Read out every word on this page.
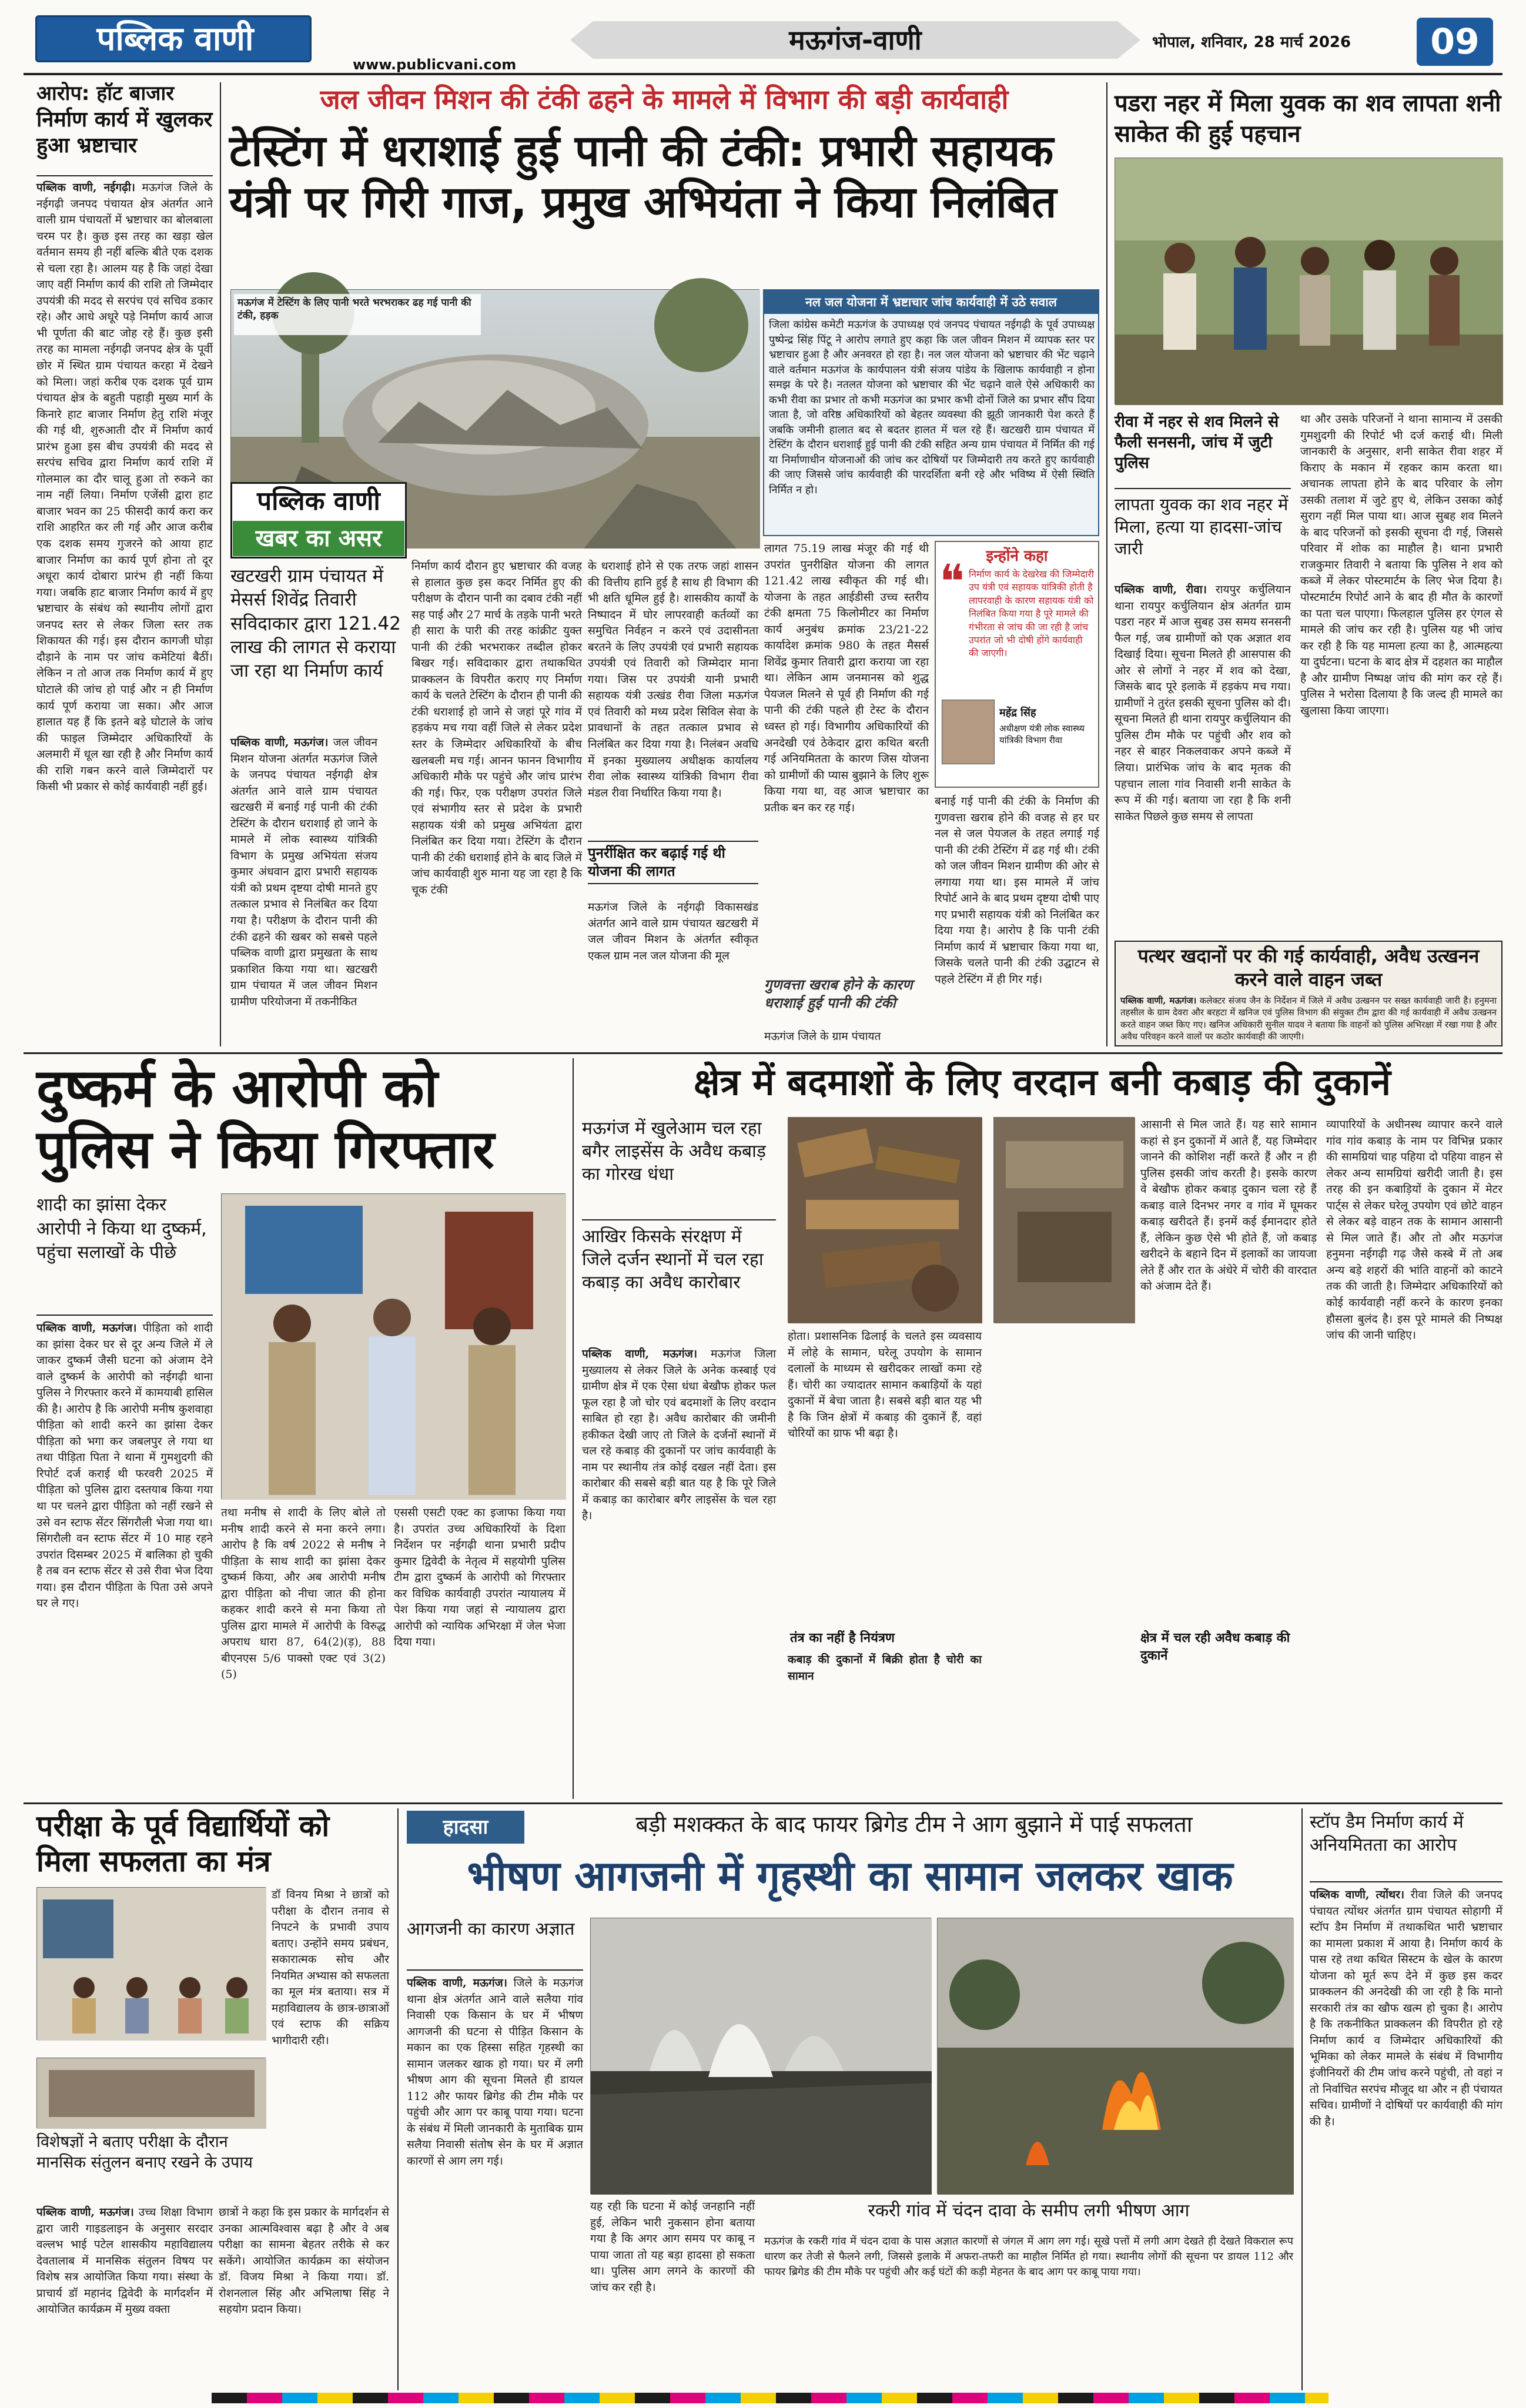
पब्लिक वाणी
www.publicvani.com
मऊगंज-वाणी	भोपाल, शनिवार, 28 मार्च 2026	09
आरोप: हॉट बाजार
निर्माण कार्य में खुलकर हुआ भ्रष्टाचार
पब्लिक वाणी, नईगढ़ी। मऊगंज जिले के नईगढ़ी जनपद पंचायत क्षेत्र अंतर्गत आने वाली ग्राम पंचायतों में भ्रष्टाचार का बोलबाला चरम पर है। कुछ इस तरह का खड़ा खेल वर्तमान समय ही नहीं बल्कि बीते एक दशक से चला रहा है। आलम यह है कि जहां देखा जाए वहीं निर्माण कार्य की राशि तो जिम्मेदार उपयंत्री की मदद से सरपंच एवं सचिव डकार रहे। और आधे अधूरे पड़े निर्माण कार्य आज भी पूर्णता की बाट जोह रहे हैं। कुछ इसी तरह का मामला नईगढ़ी जनपद क्षेत्र के पूर्वी छोर में स्थित ग्राम पंचायत करहा में देखने को मिला। जहां करीब एक दशक पूर्व ग्राम पंचायत क्षेत्र के बहुती पहाड़ी मुख्य मार्ग के किनारे हाट बाजार निर्माण हेतु राशि मंजूर की गई थी, शुरुआती दौर में निर्माण कार्य प्रारंभ हुआ इस बीच उपयंत्री की मदद से सरपंच सचिव द्वारा निर्माण कार्य राशि में गोलमाल का दौर चालू हुआ तो रुकने का नाम नहीं लिया। निर्माण एजेंसी द्वारा हाट बाजार भवन का 25 फीसदी कार्य करा कर राशि आहरित कर ली गई और आज करीब एक दशक समय गुजरने को आया हाट बाजार निर्माण का कार्य पूर्ण होना तो दूर अधूरा कार्य दोबारा प्रारंभ ही नहीं किया गया। जबकि हाट बाजार निर्माण कार्य में हुए भ्रष्टाचार के संबंध को स्थानीय लोगों द्वारा जनपद स्तर से लेकर जिला स्तर तक शिकायत की गई। इस दौरान कागजी घोड़ा दौड़ाने के नाम पर जांच कमेटियां बैठीं। लेकिन न तो आज तक निर्माण कार्य में हुए घोटाले की जांच हो पाई और न ही निर्माण कार्य पूर्ण कराया जा सका। और आज हालात यह हैं कि इतने बड़े घोटाले के जांच की फाइल जिम्मेदार अधिकारियों के अलमारी में धूल खा रही है और निर्माण कार्य की राशि गबन करने वाले जिम्मेदारों पर किसी भी प्रकार से कोई कार्यवाही नहीं हुई।
जल जीवन मिशन की टंकी ढहने के मामले में विभाग की बड़ी कार्यवाही
टेस्टिंग में धराशाई हुई पानी की टंकी: प्रभारी सहायक यंत्री पर गिरी गाज, प्रमुख अभियंता ने किया निलंबित
मऊगंज में टेस्टिंग के लिए पानी भरते भरभराकर ढह गई पानी की टंकी, हड़क
पब्लिक वाणी
खबर का असर
खटखरी ग्राम पंचायत में मेसर्स शिवेंद्र तिवारी सविदाकार द्वारा 121.42 लाख की लागत से कराया जा रहा था निर्माण कार्य
नल जल योजना में भ्रष्टाचार जांच कार्यवाही में उठे सवाल
जिला कांग्रेस कमेटी मऊगंज के उपाध्यक्ष एवं जनपद पंचायत नईगढ़ी के पूर्व उपाध्यक्ष पुष्पेन्द्र सिंह पिंटू ने आरोप लगाते हुए कहा कि जल जीवन मिशन में व्यापक स्तर पर भ्रष्टाचार हुआ है और अनवरत हो रहा है। नल जल योजना को भ्रष्टाचार की भेंट चढ़ाने वाले वर्तमान मऊगंज के कार्यपालन यंत्री संजय पांडेय के खिलाफ कार्यवाही न होना समझ के परे है। नतलत योजना को भ्रष्टाचार की भेंट चढ़ाने वाले ऐसे अधिकारी का कभी रीवा का प्रभार तो कभी मऊगंज का प्रभार कभी दोनों जिले का प्रभार सौंप दिया जाता है, जो वरिष्ठ अधिकारियों को बेहतर व्यवस्था की झूठी जानकारी पेश करते हैं जबकि जमीनी हालात बद से बदतर हालत में चल रहे हैं। खटखरी ग्राम पंचायत में टेस्टिंग के दौरान धराशाई हुई पानी की टंकी सहित अन्य ग्राम पंचायत में निर्मित की गई या निर्माणाधीन योजनाओं की जांच कर दोषियों पर जिम्मेदारी तय करते हुए कार्यवाही की जाए जिससे जांच कार्यवाही की पारदर्शिता बनी रहे और भविष्य में ऐसी स्थिति निर्मित न हो।
पब्लिक वाणी, मऊगंज। जल जीवन मिशन योजना अंतर्गत मऊगंज जिले के जनपद पंचायत नईगढ़ी क्षेत्र अंतर्गत आने वाले ग्राम पंचायत खटखरी में बनाई गई पानी की टंकी टेस्टिंग के दौरान धराशाई हो जाने के मामले में लोक स्वास्थ्य यांत्रिकी विभाग के प्रमुख अभियंता संजय कुमार अंधवान द्वारा प्रभारी सहायक यंत्री को प्रथम दृष्टया दोषी मानते हुए तत्काल प्रभाव से निलंबित कर दिया गया है। परीक्षण के दौरान पानी की टंकी ढहने की खबर को सबसे पहले पब्लिक वाणी द्वारा प्रमुखता के साथ प्रकाशित किया गया था। खटखरी ग्राम पंचायत में जल जीवन मिशन ग्रामीण परियोजना में तकनीकित
निर्माण कार्य दौरान हुए भ्रष्टाचार की वजह से हालात कुछ इस कदर निर्मित हुए की परीक्षण के दौरान पानी का दबाव टंकी नहीं सह पाई और 27 मार्च के तड़के पानी भरते ही सारा के पारी की तरह कांक्रीट युक्त पानी की टंकी भरभराकर तब्दील होकर बिखर गई। सविदाकार द्वारा तथाकथित प्राक्कलन के विपरीत कराए गए निर्माण कार्य के चलते टेस्टिंग के दौरान ही पानी की टंकी धराशाई हो जाने से जहां पूरे गांव में हड़कंप मच गया वहीं जिले से लेकर प्रदेश स्तर के जिम्मेदार अधिकारियों के बीच खलबली मच गई। आनन फानन विभागीय अधिकारी मौके पर पहुंचे और जांच प्रारंभ की गई। फिर, एक परीक्षण उपरांत जिले एवं संभागीय स्तर से प्रदेश के प्रभारी सहायक यंत्री को प्रमुख अभियंता द्वारा निलंबित कर दिया गया। टेस्टिंग के दौरान पानी की टंकी धराशाई होने के बाद जिले में जांच कार्यवाही शुरु माना यह जा रहा है कि चूक टंकी
के धराशाई होने से एक तरफ जहां शासन की वित्तीय हानि हुई है साथ ही विभाग की भी क्षति धूमिल हुई है। शासकीय कार्यों के निष्पादन में घोर लापरवाही कर्तव्यों का समुचित निर्वहन न करने एवं उदासीनता बरतने के लिए उपयंत्री एवं प्रभारी सहायक उपयंत्री एवं तिवारी को जिम्मेदार माना गया। जिस पर उपयंत्री यानी प्रभारी सहायक यंत्री उत्खंड रीवा जिला मऊगंज एवं तिवारी को मध्य प्रदेश सिविल सेवा के प्रावधानों के तहत तत्काल प्रभाव से निलंबित कर दिया गया है। निलंबन अवधि में इनका मुख्यालय अधीक्षक कार्यालय रीवा लोक स्वास्थ्य यांत्रिकी विभाग रीवा मंडल रीवा निर्धारित किया गया है।
पुनर्रीक्षित कर बढ़ाई गई थी योजना की लागत
मऊगंज जिले के नईगढ़ी विकासखंड अंतर्गत आने वाले ग्राम पंचायत खटखरी में जल जीवन मिशन के अंतर्गत स्वीकृत एकल ग्राम नल जल योजना की मूल
लागत 75.19 लाख मंजूर की गई थी उपरांत पुनरीक्षित योजना की लागत 121.42 लाख स्वीकृत की गई थी। योजना के तहत आईडीसी उच्च स्तरीय टंकी क्षमता 75 किलोमीटर का निर्माण कार्य अनुबंध क्रमांक 23/21-22 कार्यादेश क्रमांक 980 के तहत मैसर्स शिवेंद्र कुमार तिवारी द्वारा कराया जा रहा था। लेकिन आम जनमानस को शुद्ध पेयजल मिलने से पूर्व ही निर्माण की गई पानी की टंकी पहले ही टेस्ट के दौरान ध्वस्त हो गई। विभागीय अधिकारियों की अनदेखी एवं ठेकेदार द्वारा कथित बरती गई अनियमितता के कारण जिस योजना को ग्रामीणों की प्यास बुझाने के लिए शुरू किया गया था, वह आज भ्रष्टाचार का प्रतीक बन कर रह गई।
गुणवत्ता खराब होने के कारण धराशाई हुई पानी की टंकी
मऊगंज जिले के ग्राम पंचायत
इन्होंने कहा
❝ निर्माण कार्य के देखरेख की जिम्मेदारी उप यंत्री एवं सहायक यांत्रिकी होती है लापरवाही के कारण सहायक यंत्री को निलंबित किया गया है पूरे मामले की गंभीरता से जांच की जा रही है जांच उपरांत जो भी दोषी होंगे कार्यवाही की जाएगी।
महेंद्र सिंह
अधीक्षण यंत्री लोक स्वास्थ्य यांत्रिकी विभाग रीवा
बनाई गई पानी की टंकी के निर्माण की गुणवत्ता खराब होने की वजह से हर घर नल से जल पेयजल के तहत लगाई गई पानी की टंकी टेस्टिंग में ढह गई थी। टंकी को जल जीवन मिशन ग्रामीण की ओर से लगाया गया था। इस मामले में जांच रिपोर्ट आने के बाद प्रथम दृष्टया दोषी पाए गए प्रभारी सहायक यंत्री को निलंबित कर दिया गया है। आरोप है कि पानी टंकी निर्माण कार्य में भ्रष्टाचार किया गया था, जिसके चलते पानी की टंकी उद्घाटन से पहले टेस्टिंग में ही गिर गई।
पडरा नहर में मिला युवक का शव लापता शनी साकेत की हुई पहचान
रीवा में नहर से शव मिलने से फैली सनसनी, जांच में जुटी पुलिस
लापता युवक का शव नहर में मिला, हत्या या हादसा-जांच जारी
पब्लिक वाणी, रीवा। रायपुर कर्चुलियान थाना रायपुर कर्चुलियान क्षेत्र अंतर्गत ग्राम पडरा नहर में आज सुबह उस समय सनसनी फैल गई, जब ग्रामीणों को एक अज्ञात शव दिखाई दिया। सूचना मिलते ही आसपास की ओर से लोगों ने नहर में शव को देखा, जिसके बाद पूरे इलाके में हड़कंप मच गया। ग्रामीणों ने तुरंत इसकी सूचना पुलिस को दी। सूचना मिलते ही थाना रायपुर कर्चुलियान की पुलिस टीम मौके पर पहुंची और शव को नहर से बाहर निकलवाकर अपने कब्जे में लिया। प्रारंभिक जांच के बाद मृतक की पहचान लाला गांव निवासी शनी साकेत के रूप में की गई। बताया जा रहा है कि शनी साकेत पिछले कुछ समय से लापता
था और उसके परिजनों ने थाना सामान्य में उसकी गुमशुदगी की रिपोर्ट भी दर्ज कराई थी। मिली जानकारी के अनुसार, शनी साकेत रीवा शहर में किराए के मकान में रहकर काम करता था। अचानक लापता होने के बाद परिवार के लोग उसकी तलाश में जुटे हुए थे, लेकिन उसका कोई सुराग नहीं मिल पाया था। आज सुबह शव मिलने के बाद परिजनों को इसकी सूचना दी गई, जिससे परिवार में शोक का माहौल है। थाना प्रभारी राजकुमार तिवारी ने बताया कि पुलिस ने शव को कब्जे में लेकर पोस्टमार्टम के लिए भेज दिया है। पोस्टमार्टम रिपोर्ट आने के बाद ही मौत के कारणों का पता चल पाएगा। फिलहाल पुलिस हर एंगल से मामले की जांच कर रही है। पुलिस यह भी जांच कर रही है कि यह मामला हत्या का है, आत्महत्या या दुर्घटना। घटना के बाद क्षेत्र में दहशत का माहौल है और ग्रामीण निष्पक्ष जांच की मांग कर रहे हैं। पुलिस ने भरोसा दिलाया है कि जल्द ही मामले का खुलासा किया जाएगा।
पत्थर खदानों पर की गई कार्यवाही, अवैध उत्खनन करने वाले वाहन जब्त
पब्लिक वाणी, मऊगंज। कलेक्टर संजय जैन के निर्देशन में जिले में अवैध उत्खनन पर सख्त कार्यवाही जारी है। हनुमना तहसील के ग्राम देवरा और बरहटा में खनिज एवं पुलिस विभाग की संयुक्त टीम द्वारा की गई कार्यवाही में अवैध उत्खनन करते वाहन जब्त किए गए। खनिज अधिकारी सुनील यादव ने बताया कि वाहनों को पुलिस अभिरक्षा में रखा गया है और अवैध परिवहन करने वालों पर कठोर कार्यवाही की जाएगी।
दुष्कर्म के आरोपी को पुलिस ने किया गिरफ्तार
शादी का झांसा देकर आरोपी ने किया था दुष्कर्म, पहुंचा सलाखों के पीछे
पब्लिक वाणी, मऊगंज। पीड़िता को शादी का झांसा देकर घर से दूर अन्य जिले में ले जाकर दुष्कर्म जैसी घटना को अंजाम देने वाले दुष्कर्म के आरोपी को नईगढ़ी थाना पुलिस ने गिरफ्तार करने में कामयाबी हासिल की है। आरोप है कि आरोपी मनीष कुशवाहा पीड़िता को शादी करने का झांसा देकर पीड़िता को भगा कर जबलपुर ले गया था तथा पीड़िता पिता ने थाना में गुमशुदगी की रिपोर्ट दर्ज कराई थी फरवरी 2025 में पीड़िता को पुलिस द्वारा दस्तयाब किया गया था पर चलने द्वारा पीड़िता को नहीं रखने से उसे वन स्टाफ सेंटर सिंगरौली भेजा गया था। सिंगरौली वन स्टाफ सेंटर में 10 माह रहने उपरांत दिसम्बर 2025 में बालिका हो चुकी है तब वन स्टाफ सेंटर से उसे रीवा भेज दिया गया। इस दौरान पीड़िता के पिता उसे अपने घर ले गए।
तथा मनीष से शादी के लिए बोले तो मनीष शादी करने से मना करने लगा। आरोप है कि वर्ष 2022 से मनीष ने पीड़िता के साथ शादी का झांसा देकर दुष्कर्म किया, और अब आरोपी मनीष द्वारा पीड़िता को नीचा जात की होना कहकर शादी करने से मना किया तो पुलिस द्वारा मामले में आरोपी के विरुद्ध अपराध धारा 87, 64(2)(ड़), 88 बीएनएस 5/6 पाक्सो एक्ट एवं 3(2)(5)
एससी एसटी एक्ट का इजाफा किया गया है। उपरांत उच्च अधिकारियों के दिशा निर्देशन पर नईगढ़ी थाना प्रभारी प्रदीप कुमार द्विवेदी के नेतृत्व में सहयोगी पुलिस टीम द्वारा दुष्कर्म के आरोपी को गिरफ्तार कर विधिक कार्यवाही उपरांत न्यायालय में पेश किया गया जहां से न्यायालय द्वारा आरोपी को न्यायिक अभिरक्षा में जेल भेजा दिया गया।
क्षेत्र में बदमाशों के लिए वरदान बनी कबाड़ की दुकानें
मऊगंज में खुलेआम चल रहा बगैर लाइसेंस के अवैध कबाड़ का गोरख धंधा
आखिर किसके संरक्षण में जिले दर्जन स्थानों में चल रहा कबाड़ का अवैध कारोबार
पब्लिक वाणी, मऊगंज। मऊगंज जिला मुख्यालय से लेकर जिले के अनेक कस्बाई एवं ग्रामीण क्षेत्र में एक ऐसा धंधा बेखौफ होकर फल फूल रहा है जो चोर एवं बदमाशों के लिए वरदान साबित हो रहा है। अवैध कारोबार की जमीनी हकीकत देखी जाए तो जिले के दर्जनों स्थानों में चल रहे कबाड़ की दुकानों पर जांच कार्यवाही के नाम पर स्थानीय तंत्र कोई दखल नहीं देता। इस कारोबार की सबसे बड़ी बात यह है कि पूरे जिले में कबाड़ का कारोबार बगैर लाइसेंस के चल रहा है।
तंत्र का नहीं है नियंत्रण
होता। प्रशासनिक ढिलाई के चलते इस व्यवसाय में लोहे के सामान, घरेलू उपयोग के सामान दलालों के माध्यम से खरीदकर लाखों कमा रहे हैं। चोरी का ज्यादातर सामान कबाड़ियों के यहां दुकानों में बेचा जाता है। सबसे बड़ी बात यह भी है कि जिन क्षेत्रों में कबाड़ की दुकानें हैं, वहां चोरियों का ग्राफ भी बढ़ा है।
कबाड़ की दुकानों में बिक्री होता है चोरी का सामान
आसानी से मिल जाते हैं। यह सारे सामान कहां से इन दुकानों में आते हैं, यह जिम्मेदार जानने की कोशिश नहीं करते हैं और न ही पुलिस इसकी जांच करती है। इसके कारण वे बेखौफ होकर कबाड़ दुकान चला रहे हैं कबाड़ वाले दिनभर नगर व गांव में घूमकर कबाड़ खरीदते हैं। इनमें कई ईमानदार होते हैं, लेकिन कुछ ऐसे भी होते हैं, जो कबाड़ खरीदने के बहाने दिन में इलाकों का जायजा लेते हैं और रात के अंधेरे में चोरी की वारदात को अंजाम देते हैं।
क्षेत्र में चल रही अवैध कबाड़ की दुकानें
व्यापारियों के अधीनस्थ व्यापार करने वाले गांव गांव कबाड़ के नाम पर विभिन्न प्रकार की सामग्रियां चाह पहिया दो पहिया वाहन से लेकर अन्य सामग्रियां खरीदी जाती है। इस तरह की इन कबाड़ियों के दुकान में मेटर पार्ट्स से लेकर घरेलू उपयोग एवं छोटे वाहन से लेकर बड़े वाहन तक के सामान आसानी से मिल जाते हैं। और तो और मऊगंज हनुमना नईगढ़ी गढ़ जैसे कस्बे में तो अब अन्य बड़े शहरों की भांति वाहनों को काटने तक की जाती है। जिम्मेदार अधिकारियों को कोई कार्यवाही नहीं करने के कारण इनका हौसला बुलंद है। इस पूरे मामले की निष्पक्ष जांच की जानी चाहिए।
परीक्षा के पूर्व विद्यार्थियों को मिला सफलता का मंत्र
विशेषज्ञों ने बताए परीक्षा के दौरान मानसिक संतुलन बनाए रखने के उपाय
डॉ विनय मिश्रा ने छात्रों को परीक्षा के दौरान तनाव से निपटने के प्रभावी उपाय बताए। उन्होंने समय प्रबंधन, सकारात्मक सोच और नियमित अभ्यास को सफलता का मूल मंत्र बताया। सत्र में महाविद्यालय के छात्र-छात्राओं एवं स्टाफ की सक्रिय भागीदारी रही।
पब्लिक वाणी, मऊगंज। उच्च शिक्षा विभाग द्वारा जारी गाइडलाइन के अनुसार सरदार वल्लभ भाई पटेल शासकीय महाविद्यालय देवतालाब में मानसिक संतुलन विषय पर विशेष सत्र आयोजित किया गया। संस्था के प्राचार्य डॉ महानंद द्विवेदी के मार्गदर्शन में आयोजित कार्यक्रम में मुख्य वक्ता
छात्रों ने कहा कि इस प्रकार के मार्गदर्शन से उनका आत्मविश्वास बढ़ा है और वे अब परीक्षा का सामना बेहतर तरीके से कर सकेंगे। आयोजित कार्यक्रम का संयोजन डॉ. विजय मिश्रा ने किया गया। डॉ. रोशनलाल सिंह और अभिलाषा सिंह ने सहयोग प्रदान किया।
हादसा	बड़ी मशक्कत के बाद फायर ब्रिगेड टीम ने आग बुझाने में पाई सफलता
भीषण आगजनी में गृहस्थी का सामान जलकर खाक
आगजनी का कारण अज्ञात
पब्लिक वाणी, मऊगंज। जिले के मऊगंज थाना क्षेत्र अंतर्गत आने वाले सलैया गांव निवासी एक किसान के घर में भीषण आगजनी की घटना से पीड़ित किसान के मकान का एक हिस्सा सहित गृहस्थी का सामान जलकर खाक हो गया। घर में लगी भीषण आग की सूचना मिलते ही डायल 112 और फायर ब्रिगेड की टीम मौके पर पहुंची और आग पर काबू पाया गया। घटना के संबंध में मिली जानकारी के मुताबिक ग्राम सलैया निवासी संतोष सेन के घर में अज्ञात कारणों से आग लग गई।
यह रही कि घटना में कोई जनहानि नहीं हुई, लेकिन भारी नुकसान होना बताया गया है कि अगर आग समय पर काबू न पाया जाता तो यह बड़ा हादसा हो सकता था। पुलिस आग लगने के कारणों की जांच कर रही है।
रकरी गांव में चंदन दावा के समीप लगी भीषण आग
मऊगंज के रकरी गांव में चंदन दावा के पास अज्ञात कारणों से जंगल में आग लग गई। सूखे पत्तों में लगी आग देखते ही देखते विकराल रूप धारण कर तेजी से फैलने लगी, जिससे इलाके में अफरा-तफरी का माहौल निर्मित हो गया। स्थानीय लोगों की सूचना पर डायल 112 और फायर ब्रिगेड की टीम मौके पर पहुंची और कई घंटों की कड़ी मेहनत के बाद आग पर काबू पाया गया।
स्टॉप डैम निर्माण कार्य में अनियमितता का आरोप
पब्लिक वाणी, त्योंथर। रीवा जिले की जनपद पंचायत त्योंथर अंतर्गत ग्राम पंचायत सोहागी में स्टॉप डैम निर्माण में तथाकथित भारी भ्रष्टाचार का मामला प्रकाश में आया है। निर्माण कार्य के पास रहे तथा कथित सिस्टम के खेल के कारण योजना को मूर्त रूप देने में कुछ इस कदर प्राक्कलन की अनदेखी की जा रही है कि मानो सरकारी तंत्र का खौफ खत्म हो चुका है। आरोप है कि तकनीकित प्राक्कलन की विपरीत हो रहे निर्माण कार्य व जिम्मेदार अधिकारियों की भूमिका को लेकर मामले के संबंध में विभागीय इंजीनियरों की टीम जांच करने पहुंची, तो वहां न तो निर्वाचित सरपंच मौजूद था और न ही पंचायत सचिव। ग्रामीणों ने दोषियों पर कार्यवाही की मांग की है।
